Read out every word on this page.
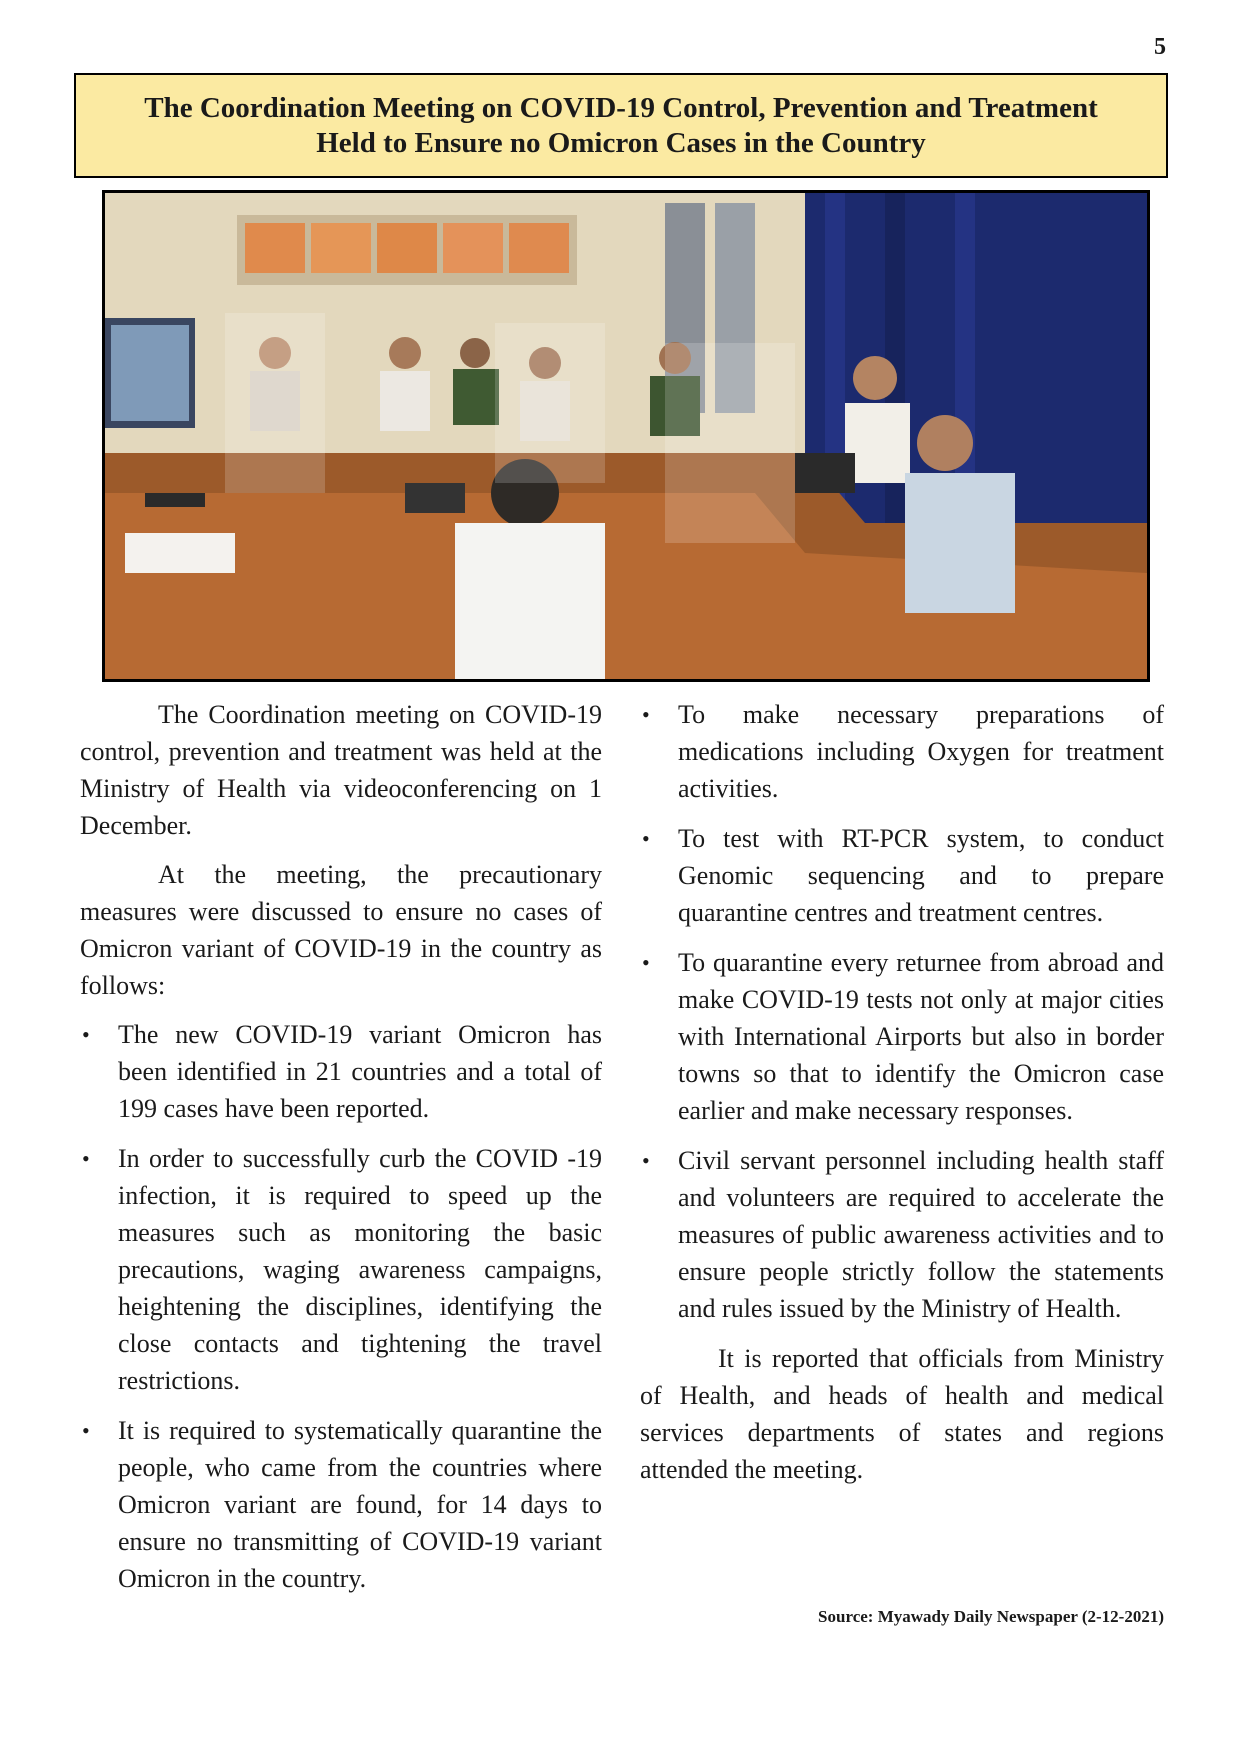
5
The Coordination Meeting on COVID-19 Control, Prevention and Treatment
Held to Ensure no Omicron Cases in the Country

The Coordination meeting on COVID-19 control, prevention and treatment was held at the Ministry of Health via videoconferencing on 1 December.

At the meeting, the precautionary measures were discussed to ensure no cases of Omicron variant of COVID-19 in the country as follows:

• The new COVID-19 variant Omicron has been identified in 21 countries and a total of 199 cases have been reported.
• In order to successfully curb the COVID -19 infection, it is required to speed up the measures such as monitoring the basic precautions, waging awareness campaigns, heightening the disciplines, identifying the close contacts and tightening the travel restrictions.
• It is required to systematically quarantine the people, who came from the countries where Omicron variant are found, for 14 days to ensure no transmitting of COVID-19 variant Omicron in the country.
• To make necessary preparations of medications including Oxygen for treatment activities.
• To test with RT-PCR system, to conduct Genomic sequencing and to prepare quarantine centres and treatment centres.
• To quarantine every returnee from abroad and make COVID-19 tests not only at major cities with International Airports but also in border towns so that to identify the Omicron case earlier and make necessary responses.
• Civil servant personnel including health staff and volunteers are required to accelerate the measures of public awareness activities and to ensure people strictly follow the statements and rules issued by the Ministry of Health.

It is reported that officials from Ministry of Health, and heads of health and medical services departments of states and regions attended the meeting.

Source: Myawady Daily Newspaper (2-12-2021)
